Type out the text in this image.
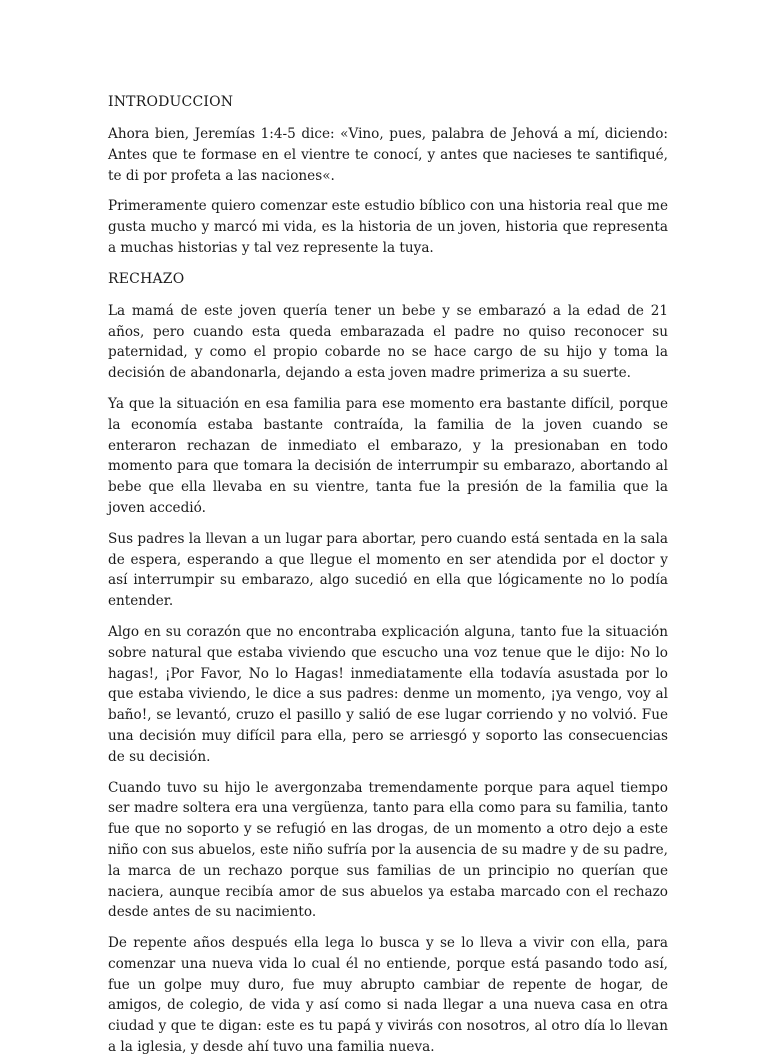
INTRODUCCION

Ahora bien, Jeremías 1:4-5 dice: «Vino, pues, palabra de Jehová a mí, diciendo: Antes que te formase en el vientre te conocí, y antes que nacieses te santifiqué, te di por profeta a las naciones«.

Primeramente quiero comenzar este estudio bíblico con una historia real que me gusta mucho y marcó mi vida, es la historia de un joven, historia que representa a muchas historias y tal vez represente la tuya.

RECHAZO

La mamá de este joven quería tener un bebe y se embarazó a la edad de 21 años, pero cuando esta queda embarazada el padre no quiso reconocer su paternidad, y como el propio cobarde no se hace cargo de su hijo y toma la decisión de abandonarla, dejando a esta joven madre primeriza a su suerte.

Ya que la situación en esa familia para ese momento era bastante difícil, porque la economía estaba bastante contraída, la familia de la joven cuando se enteraron rechazan de inmediato el embarazo, y la presionaban en todo momento para que tomara la decisión de interrumpir su embarazo, abortando al bebe que ella llevaba en su vientre, tanta fue la presión de la familia que la joven accedió.

Sus padres la llevan a un lugar para abortar, pero cuando está sentada en la sala de espera, esperando a que llegue el momento en ser atendida por el doctor y así interrumpir su embarazo, algo sucedió en ella que lógicamente no lo podía entender.

Algo en su corazón que no encontraba explicación alguna, tanto fue la situación sobre natural que estaba viviendo que escucho una voz tenue que le dijo: No lo hagas!, ¡Por Favor, No lo Hagas! inmediatamente ella todavía asustada por lo que estaba viviendo, le dice a sus padres: denme un momento, ¡ya vengo, voy al baño!, se levantó, cruzo el pasillo y salió de ese lugar corriendo y no volvió. Fue una decisión muy difícil para ella, pero se arriesgó y soporto las consecuencias de su decisión.

Cuando tuvo su hijo le avergonzaba tremendamente porque para aquel tiempo ser madre soltera era una vergüenza, tanto para ella como para su familia, tanto fue que no soporto y se refugió en las drogas, de un momento a otro dejo a este niño con sus abuelos, este niño sufría por la ausencia de su madre y de su padre, la marca de un rechazo porque sus familias de un principio no querían que naciera, aunque recibía amor de sus abuelos ya estaba marcado con el rechazo desde antes de su nacimiento.

De repente años después ella lega lo busca y se lo lleva a vivir con ella, para comenzar una nueva vida lo cual él no entiende, porque está pasando todo así, fue un golpe muy duro, fue muy abrupto cambiar de repente de hogar, de amigos, de colegio, de vida y así como si nada llegar a una nueva casa en otra ciudad y que te digan: este es tu papá y vivirás con nosotros, al otro día lo llevan a la iglesia, y desde ahí tuvo una familia nueva.
